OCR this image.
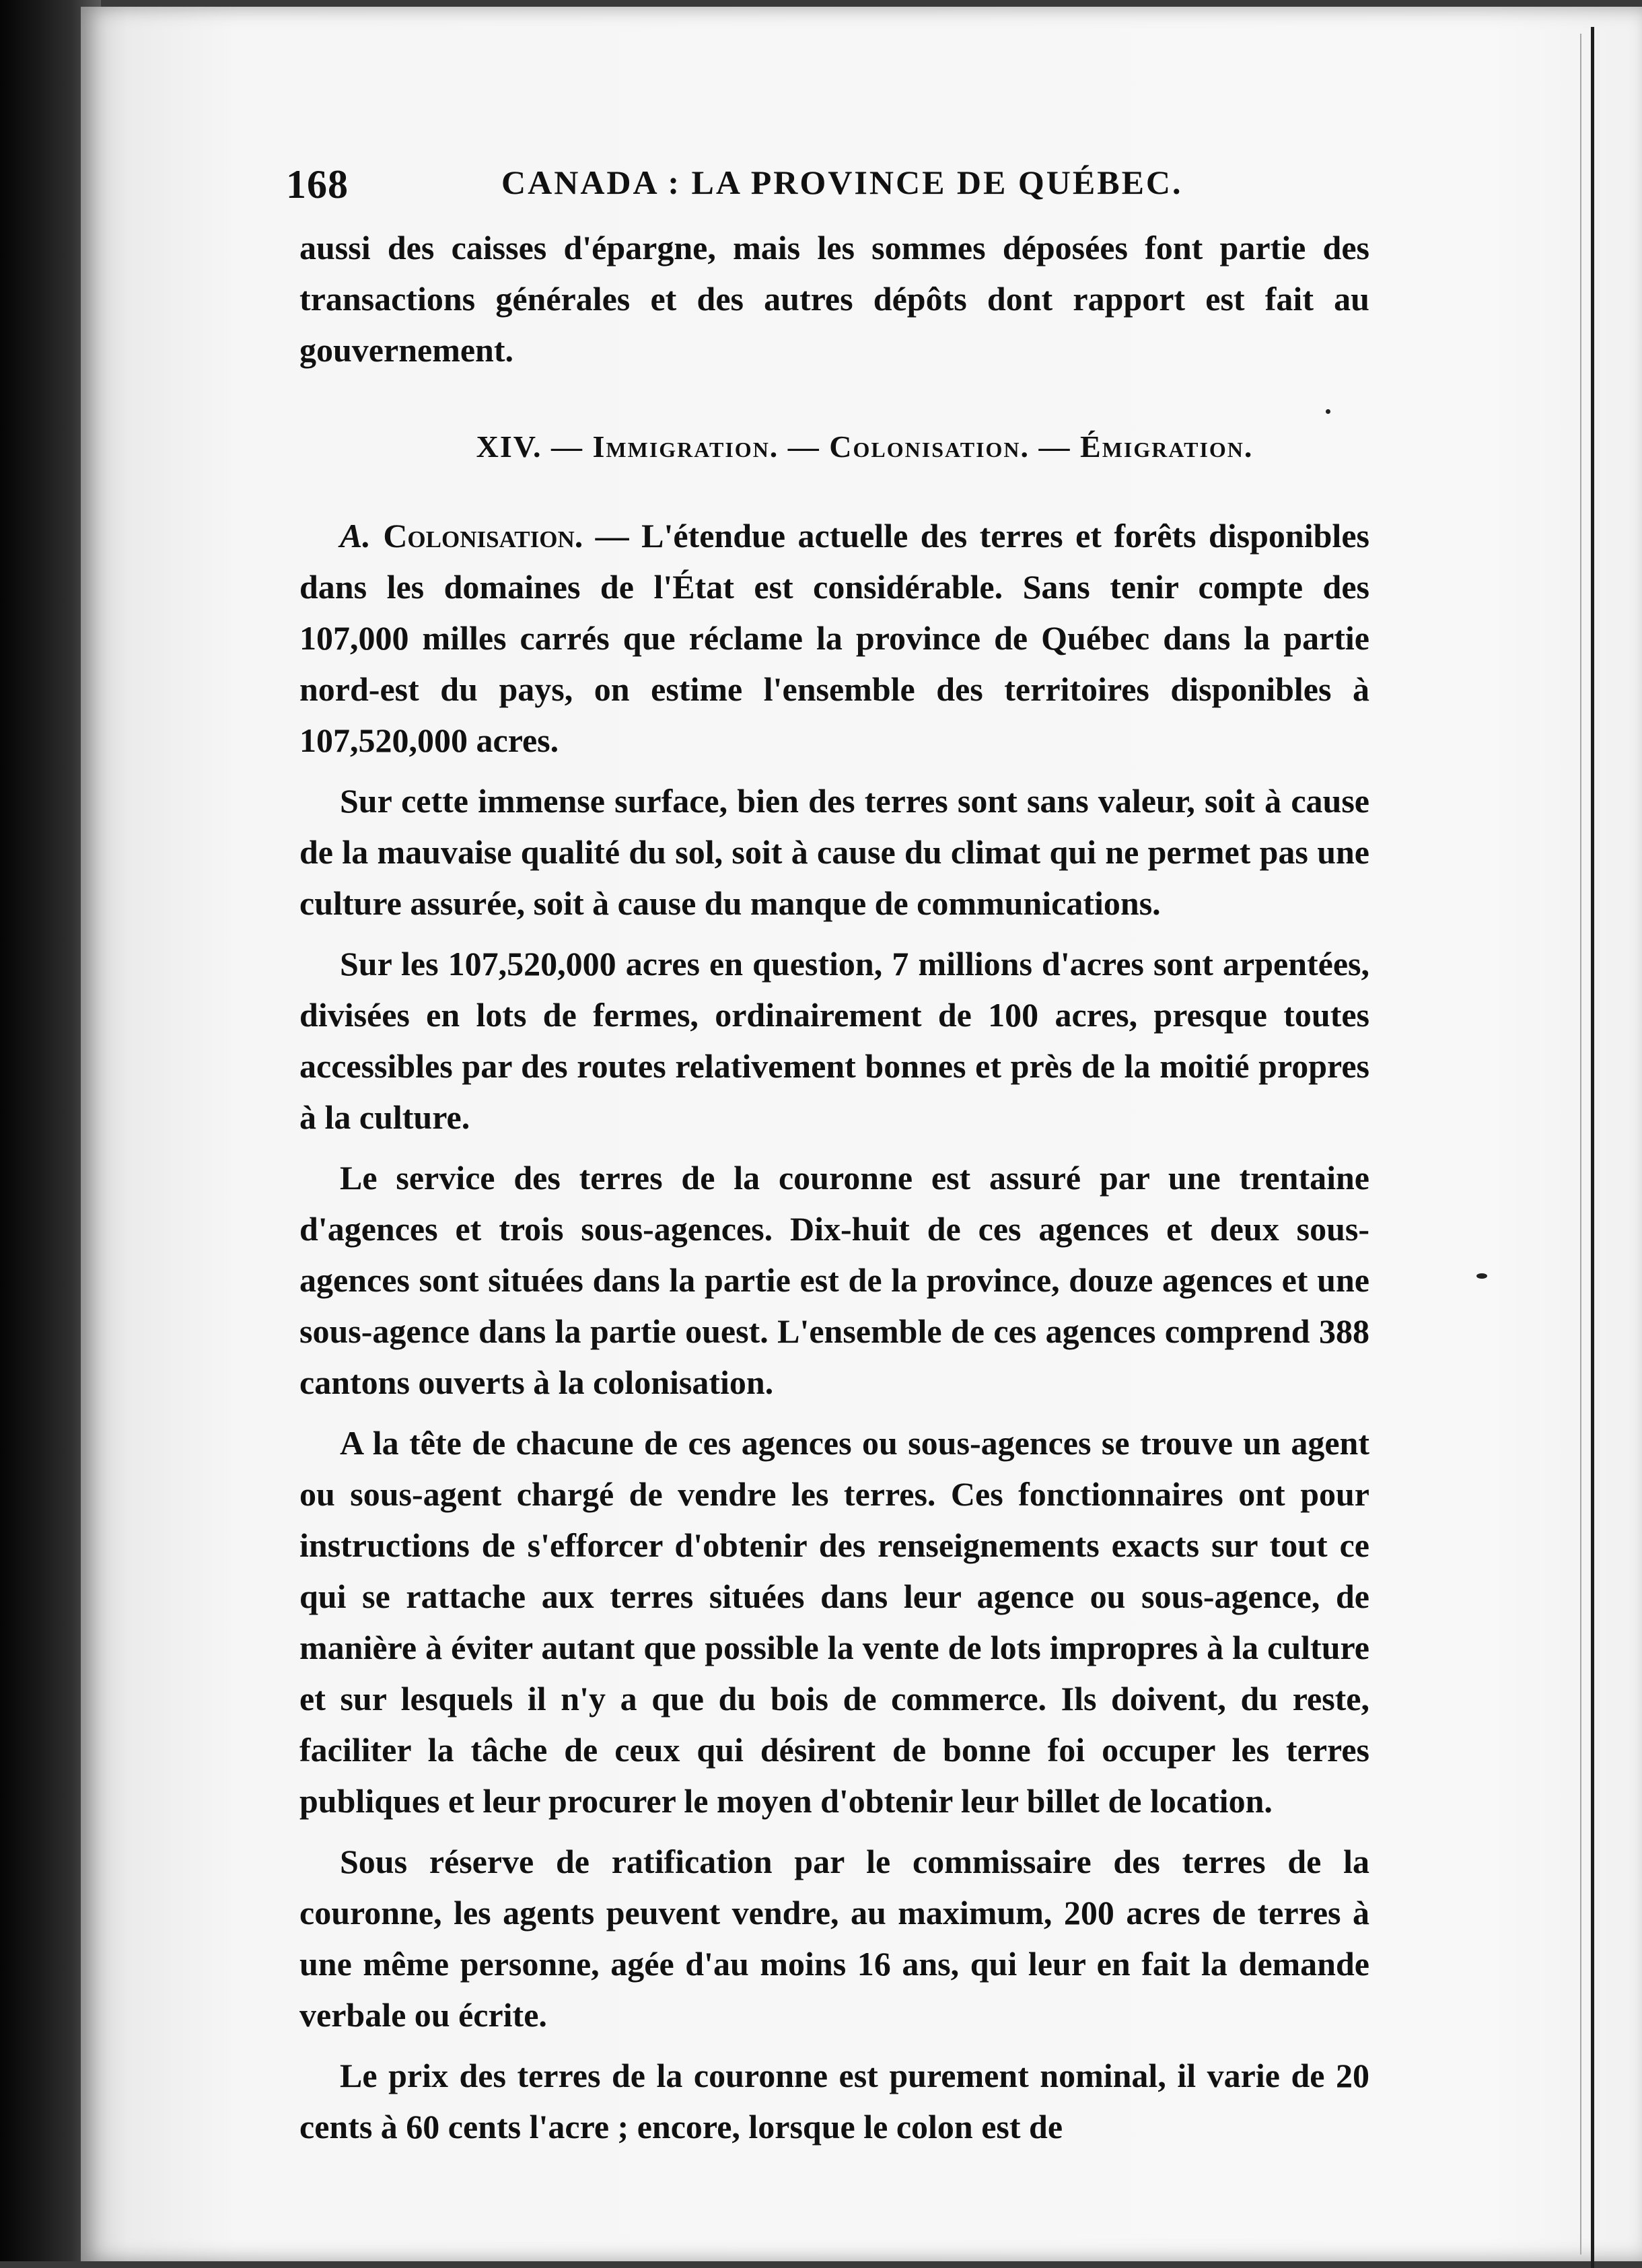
168	CANADA : LA PROVINCE DE QUÉBEC.

aussi des caisses d'épargne, mais les sommes déposées font partie des transactions générales et des autres dépôts dont rapport est fait au gouvernement.

XIV. — Immigration. — Colonisation. — Émigration.

A. Colonisation. — L'étendue actuelle des terres et forêts disponibles dans les domaines de l'État est considérable. Sans tenir compte des 107,000 milles carrés que réclame la province de Québec dans la partie nord-est du pays, on estime l'ensemble des territoires disponibles à 107,520,000 acres.

Sur cette immense surface, bien des terres sont sans valeur, soit à cause de la mauvaise qualité du sol, soit à cause du climat qui ne permet pas une culture assurée, soit à cause du manque de communications.

Sur les 107,520,000 acres en question, 7 millions d'acres sont arpentées, divisées en lots de fermes, ordinairement de 100 acres, presque toutes accessibles par des routes relativement bonnes et près de la moitié propres à la culture.

Le service des terres de la couronne est assuré par une trentaine d'agences et trois sous-agences. Dix-huit de ces agences et deux sous-agences sont situées dans la partie est de la province, douze agences et une sous-agence dans la partie ouest. L'ensemble de ces agences comprend 388 cantons ouverts à la colonisation.

A la tête de chacune de ces agences ou sous-agences se trouve un agent ou sous-agent chargé de vendre les terres. Ces fonctionnaires ont pour instructions de s'efforcer d'obtenir des renseignements exacts sur tout ce qui se rattache aux terres situées dans leur agence ou sous-agence, de manière à éviter autant que possible la vente de lots impropres à la culture et sur lesquels il n'y a que du bois de commerce. Ils doivent, du reste, faciliter la tâche de ceux qui désirent de bonne foi occuper les terres publiques et leur procurer le moyen d'obtenir leur billet de location.

Sous réserve de ratification par le commissaire des terres de la couronne, les agents peuvent vendre, au maximum, 200 acres de terres à une même personne, agée d'au moins 16 ans, qui leur en fait la demande verbale ou écrite.

Le prix des terres de la couronne est purement nominal, il varie de 20 cents à 60 cents l'acre ; encore, lorsque le colon est de
